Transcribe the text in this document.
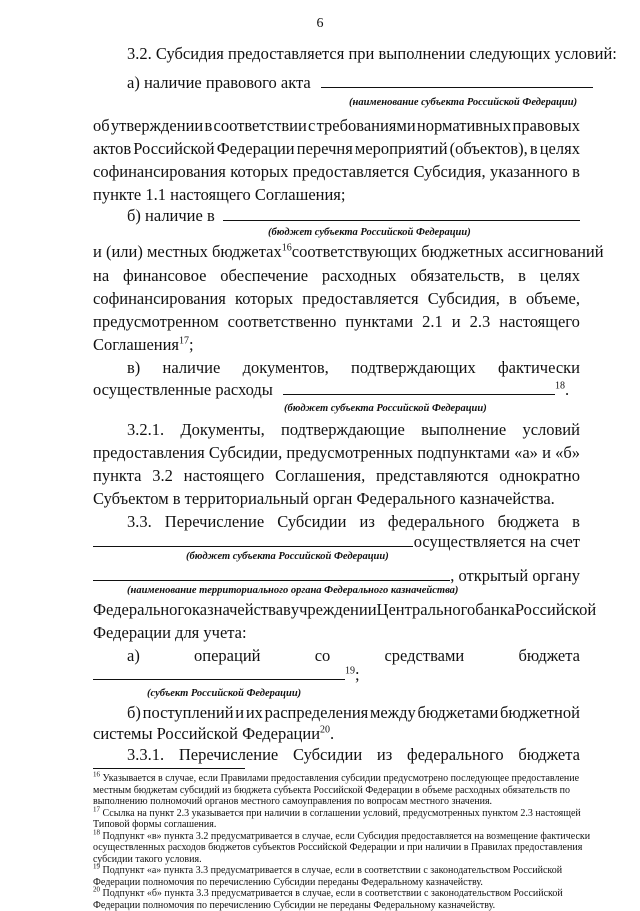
6
3.2. Субсидия предоставляется при выполнении следующих условий:
а) наличие правового акта
(наименование субъекта Российской Федерации)
об утверждении в соответствии с требованиями нормативных правовых
актов Российской Федерации перечня мероприятий (объектов), в целях
софинансирования которых предоставляется Субсидия, указанного в
пункте 1.1 настоящего Соглашения;
б) наличие в
(бюджет субъекта Российской Федерации)
и (или) местных бюджетах$^{16}$ соответствующих бюджетных ассигнований
на финансовое обеспечение расходных обязательств, в целях
софинансирования которых предоставляется Субсидия, в объеме,
предусмотренном соответственно пунктами 2.1 и 2.3 настоящего
Соглашения$^{17}$;
в) наличие документов, подтверждающих фактически
осуществленные расходы	$^{18}$.
(бюджет субъекта Российской Федерации)
3.2.1. Документы, подтверждающие выполнение условий
предоставления Субсидии, предусмотренных подпунктами «а» и «б»
пункта 3.2 настоящего Соглашения, представляются однократно
Субъектом в территориальный орган Федерального казначейства.
3.3. Перечисление Субсидии из федерального бюджета в
осуществляется на счет
(бюджет субъекта Российской Федерации)
, открытый органу
(наименование территориального органа Федерального казначейства)
Федерального казначейства в учреждении Центрального банка Российской
Федерации для учета:
а)	операций	со	средствами	бюджета
$^{19}$;
(субъект Российской Федерации)
б) поступлений и их распределения между бюджетами бюджетной
системы Российской Федерации$^{20}$.
3.3.1. Перечисление Субсидии из федерального бюджета
$^{16}$ Указывается в случае, если Правилами предоставления субсидии предусмотрено последующее предоставление
местным бюджетам субсидий из бюджета субъекта Российской Федерации в объеме расходных обязательств по
выполнению полномочий органов местного самоуправления по вопросам местного значения.
$^{17}$ Ссылка на пункт 2.3 указывается при наличии в соглашении условий, предусмотренных пунктом 2.3 настоящей
Типовой формы соглашения.
$^{18}$ Подпункт «в» пункта 3.2 предусматривается в случае, если Субсидия предоставляется на возмещение фактически
осуществленных расходов бюджетов субъектов Российской Федерации и при наличии в Правилах предоставления
субсидии такого условия.
$^{19}$ Подпункт «а» пункта 3.3 предусматривается в случае, если в соответствии с законодательством Российской
Федерации полномочия по перечислению Субсидии переданы Федеральному казначейству.
$^{20}$ Подпункт «б» пункта 3.3 предусматривается в случае, если в соответствии с законодательством Российской
Федерации полномочия по перечислению Субсидии не переданы Федеральному казначейству.
